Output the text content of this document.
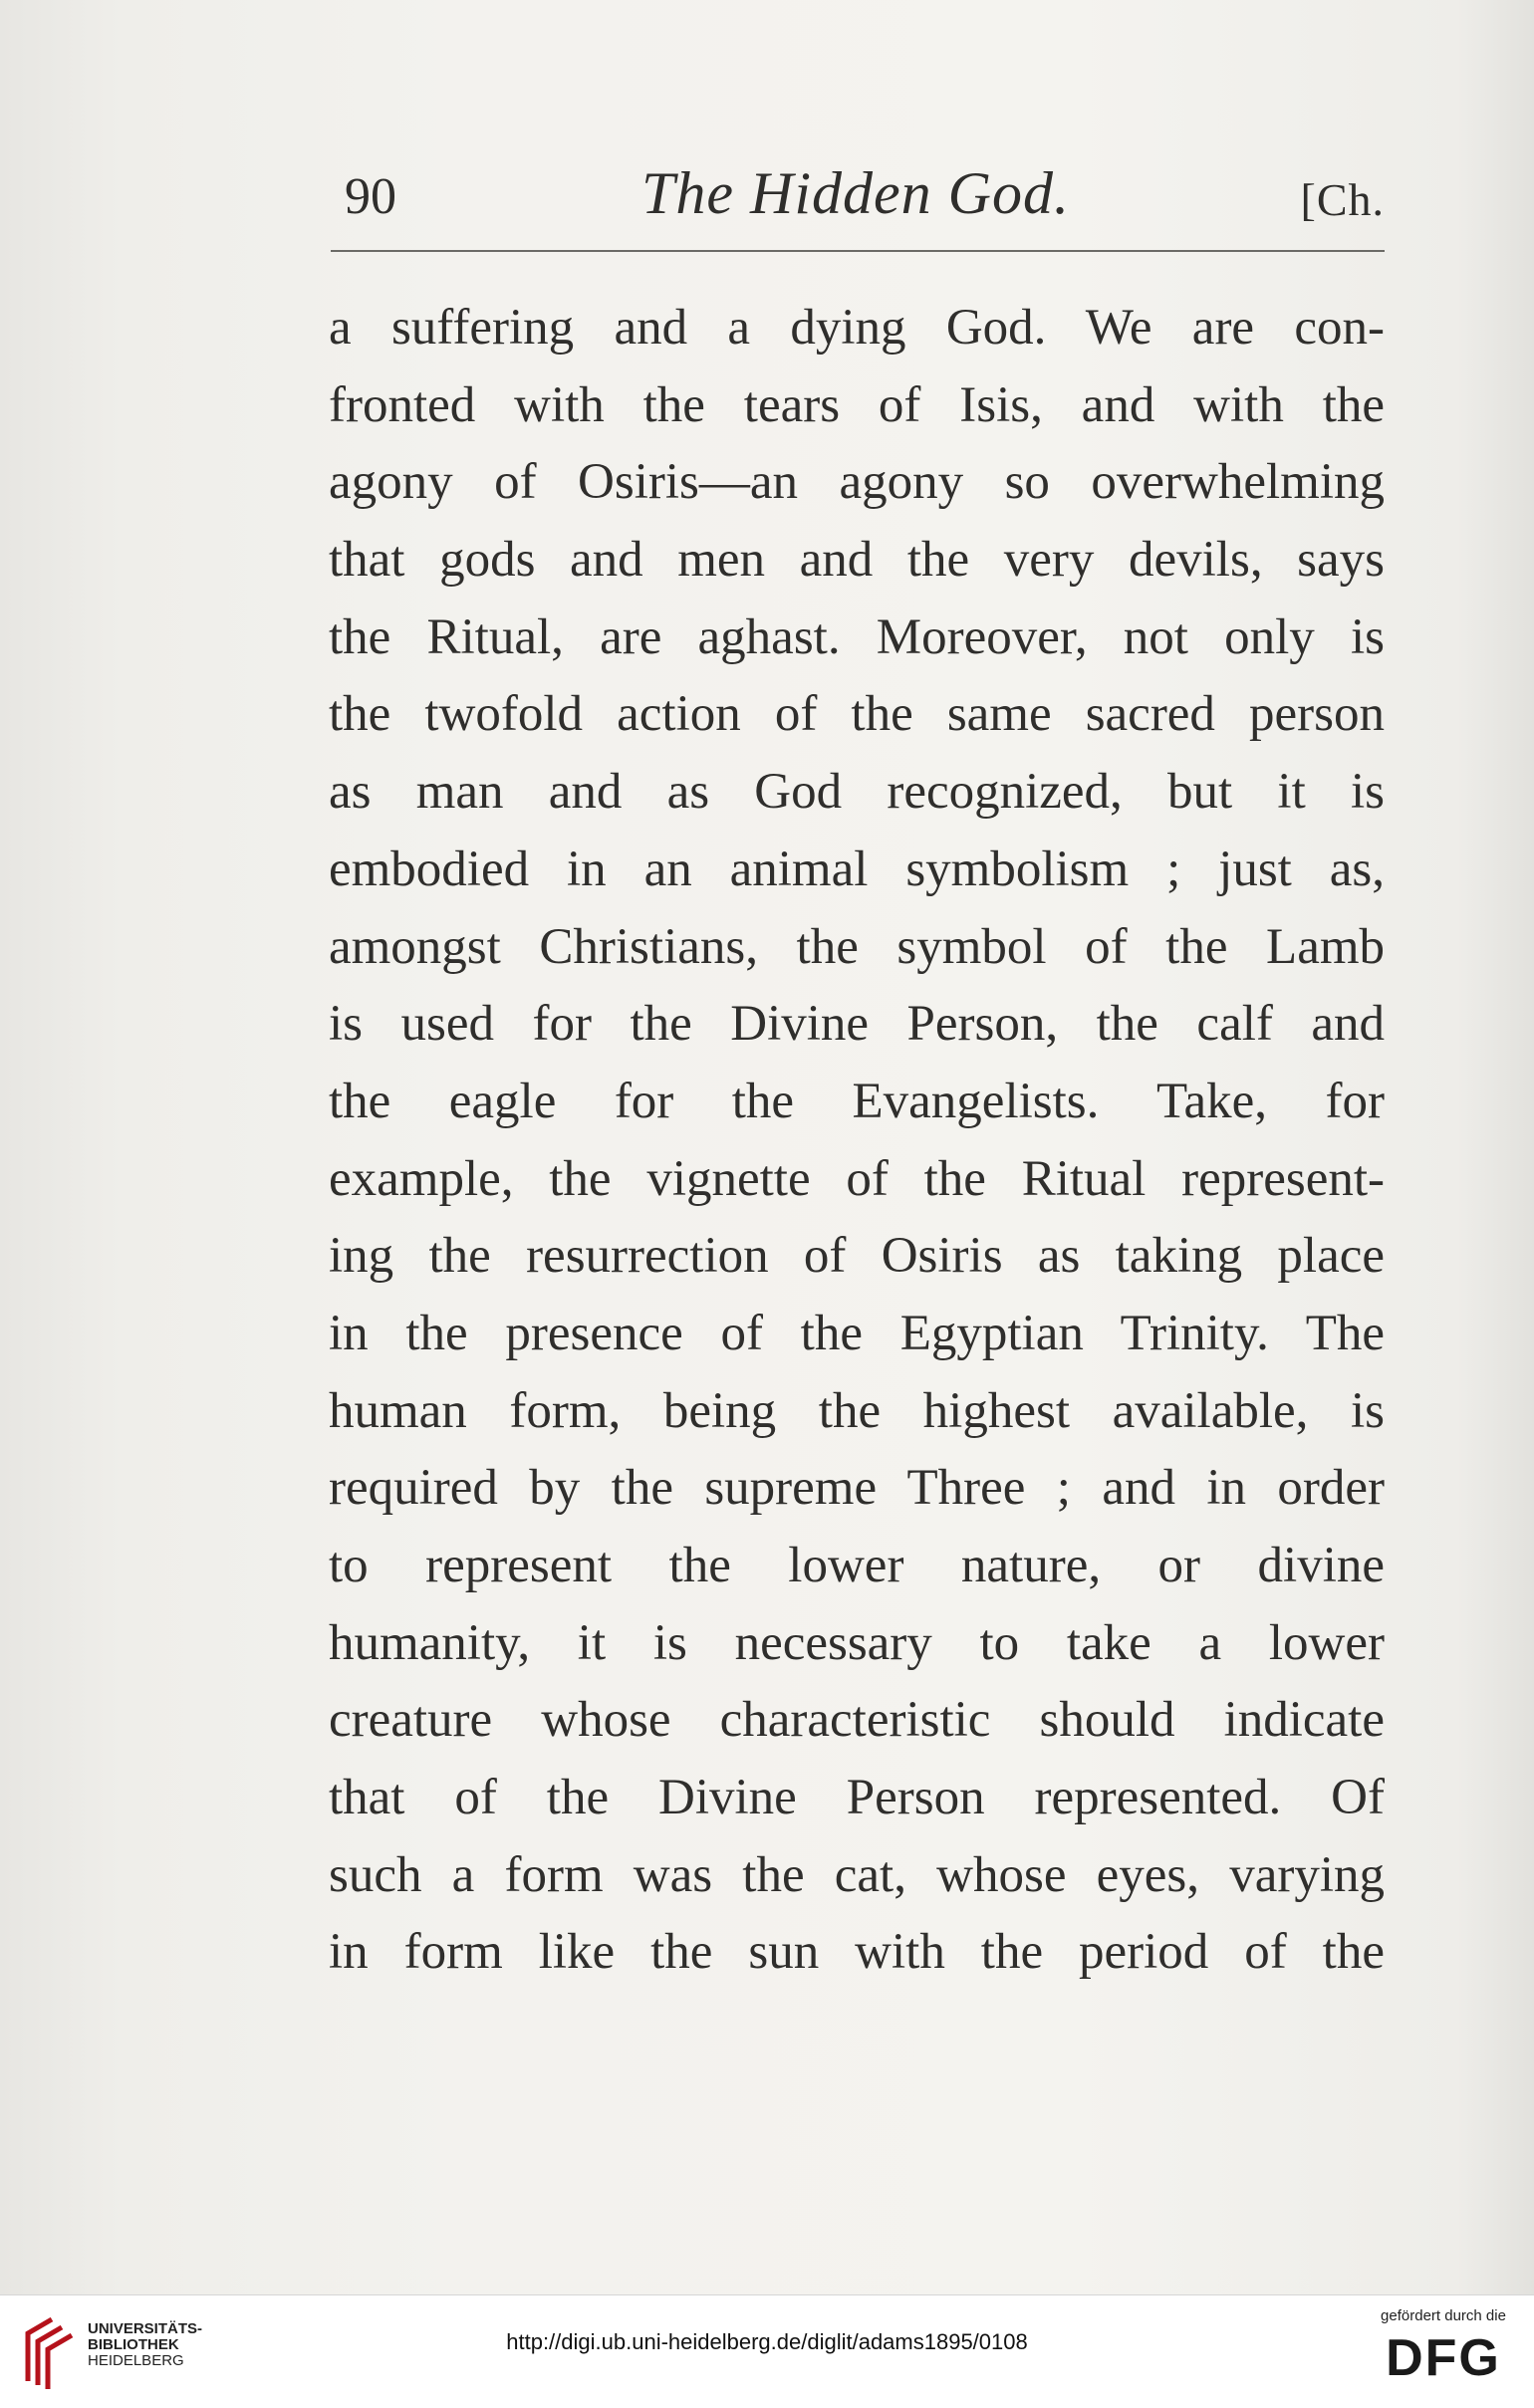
90	The Hidden God.	[Ch.
a suffering and a dying God. We are con-
fronted with the tears of Isis, and with the
agony of Osiris—an agony so overwhelming
that gods and men and the very devils, says
the Ritual, are aghast. Moreover, not only is
the twofold action of the same sacred person
as man and as God recognized, but it is
embodied in an animal symbolism ; just as,
amongst Christians, the symbol of the Lamb
is used for the Divine Person, the calf and
the eagle for the Evangelists. Take, for
example, the vignette of the Ritual represent-
ing the resurrection of Osiris as taking place
in the presence of the Egyptian Trinity. The
human form, being the highest available, is
required by the supreme Three ; and in order
to represent the lower nature, or divine
humanity, it is necessary to take a lower
creature whose characteristic should indicate
that of the Divine Person represented. Of
such a form was the cat, whose eyes, varying
in form like the sun with the period of the
UNIVERSITÄTS-
BIBLIOTHEK
HEIDELBERG
http://digi.ub.uni-heidelberg.de/diglit/adams1895/0108
gefördert durch die
DFG
